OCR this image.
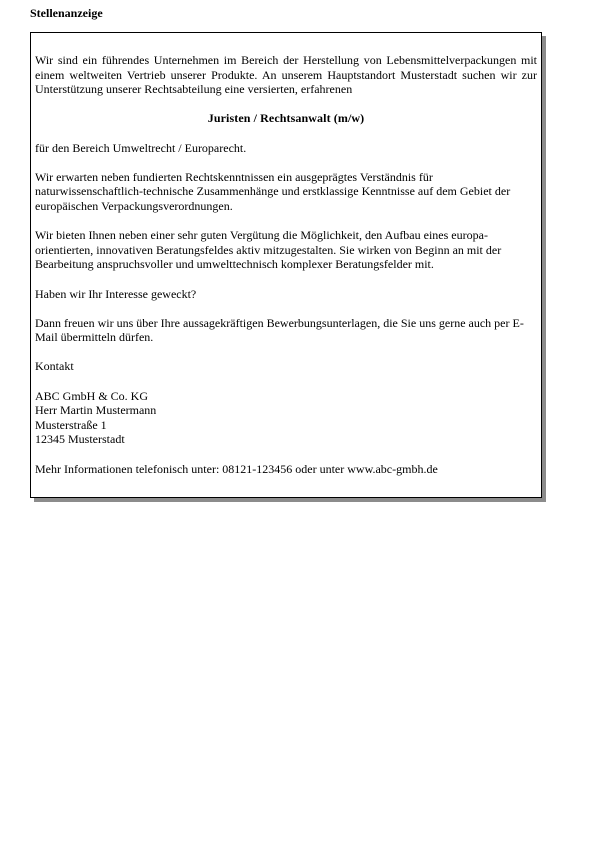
Stellenanzeige

Wir sind ein führendes Unternehmen im Bereich der Herstellung von Lebensmittelverpackungen mit einem weltweiten Vertrieb unserer Produkte. An unserem Hauptstandort Musterstadt suchen wir zur Unterstützung unserer Rechtsabteilung eine versierten, erfahrenen

Juristen / Rechtsanwalt (m/w)

für den Bereich Umweltrecht / Europarecht.

Wir erwarten neben fundierten Rechtskenntnissen ein ausgeprägtes Verständnis für naturwissenschaftlich-technische Zusammenhänge und erstklassige Kenntnisse auf dem Gebiet der europäischen Verpackungsverordnungen.

Wir bieten Ihnen neben einer sehr guten Vergütung die Möglichkeit, den Aufbau eines europa-orientierten, innovativen Beratungsfeldes aktiv mitzugestalten. Sie wirken von Beginn an mit der Bearbeitung anspruchsvoller und umwelttechnisch komplexer Beratungsfelder mit.

Haben wir Ihr Interesse geweckt?

Dann freuen wir uns über Ihre aussagekräftigen Bewerbungsunterlagen, die Sie uns gerne auch per E-Mail übermitteln dürfen.

Kontakt

ABC GmbH & Co. KG

Herr Martin Mustermann

Musterstraße 1

12345 Musterstadt

Mehr Informationen telefonisch unter: 08121-123456 oder unter www.abc-gmbh.de
